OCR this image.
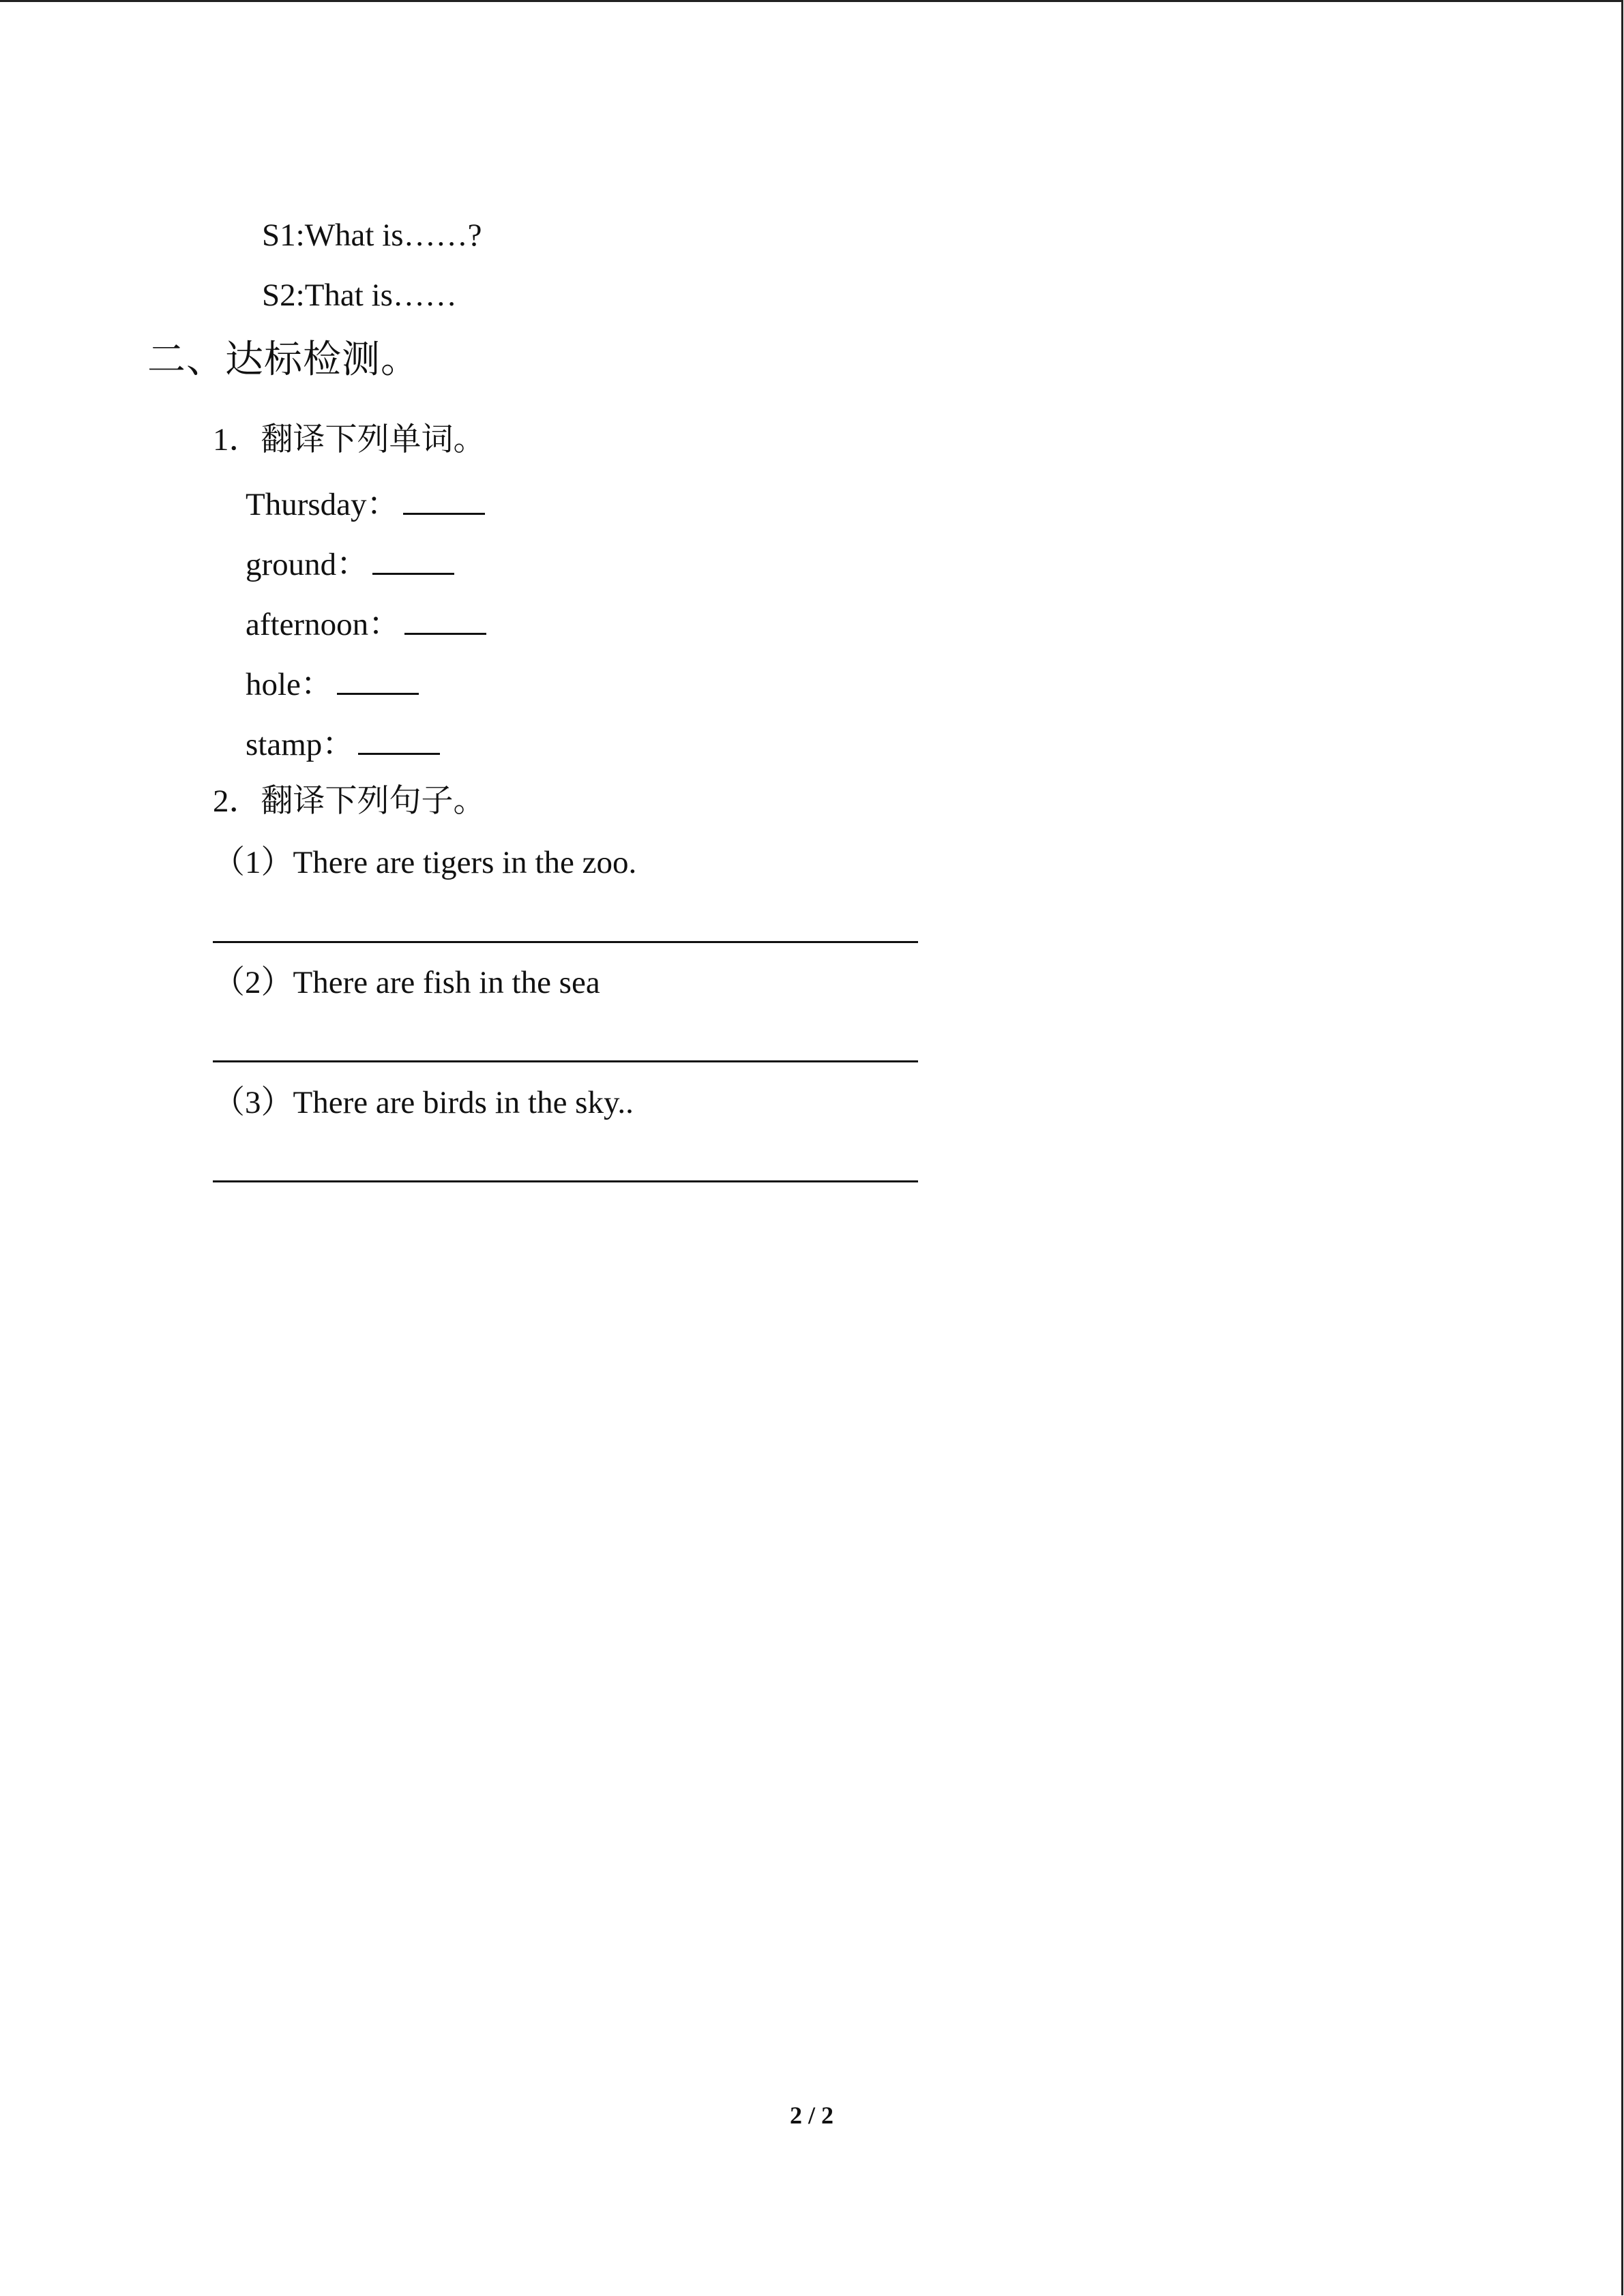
S1:What is……?
S2:That is……
二、达标检测。
1．翻译下列单词。
Thursday：
ground：
afternoon：
hole：
stamp：
2．翻译下列句子。
（1）There are tigers in the zoo.
（2）There are fish in the sea
（3）There are birds in the sky..
2 / 2
